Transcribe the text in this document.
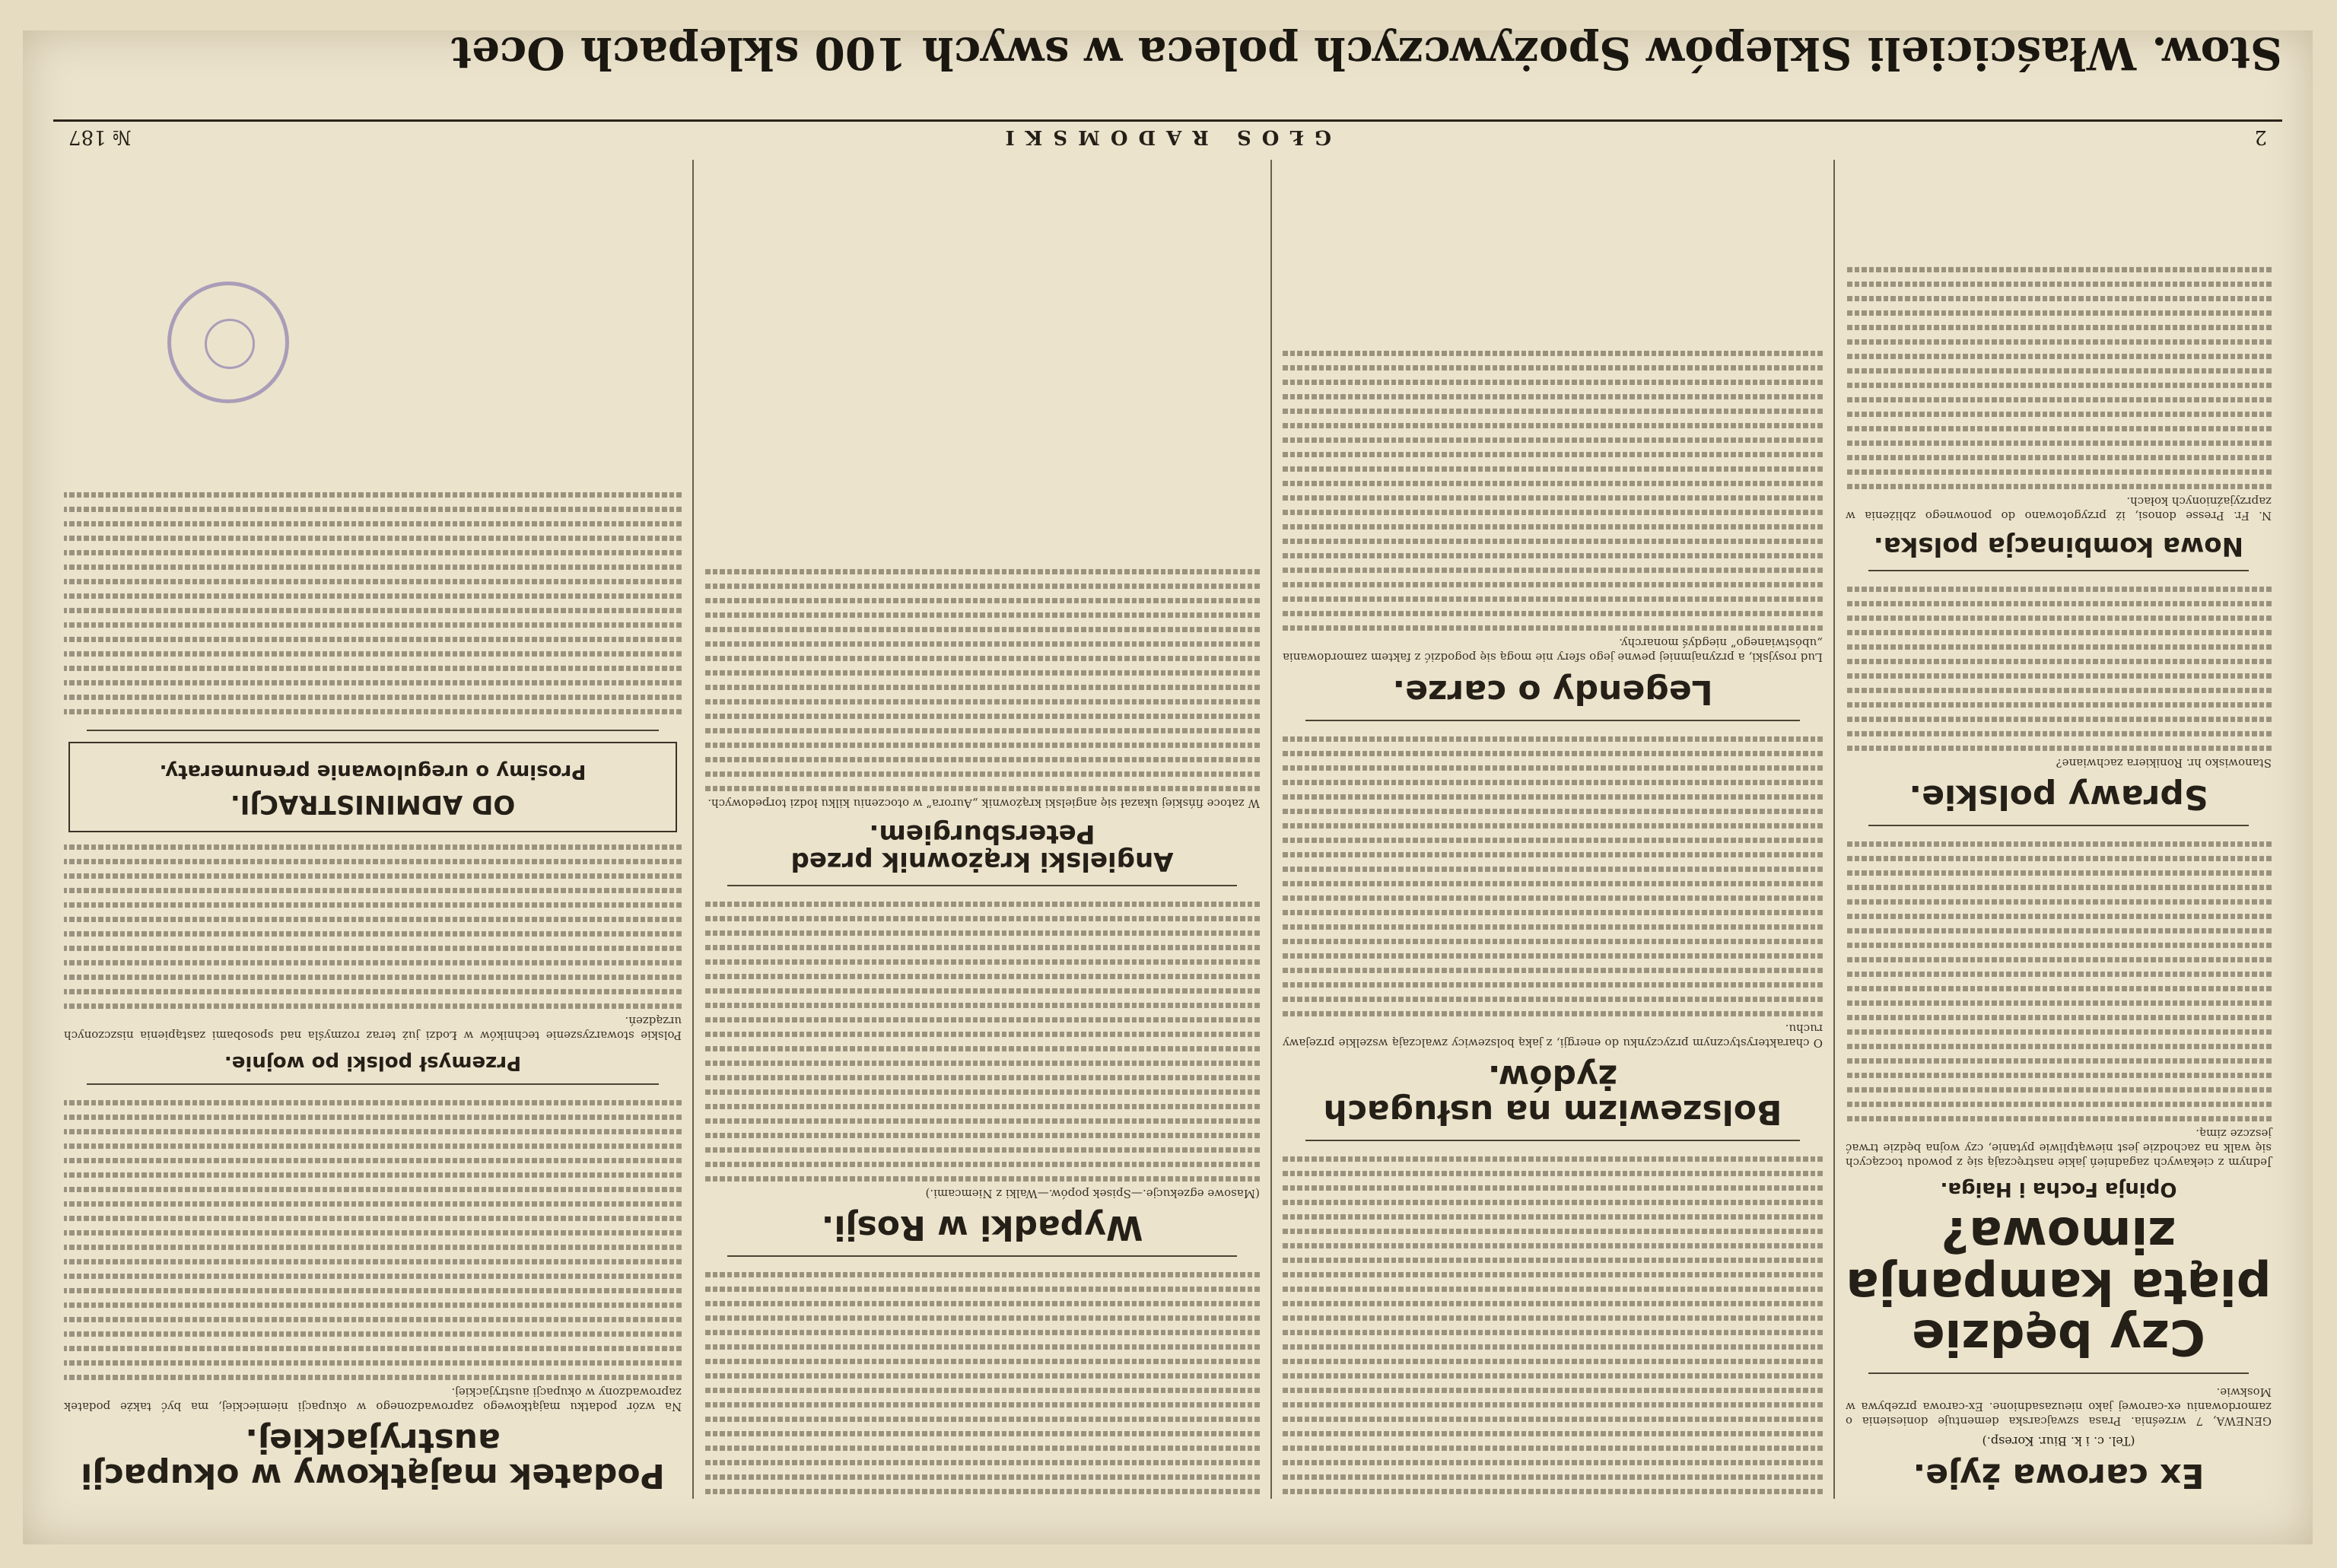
Stow. Właścicieli Sklepów Spożywczych poleca w swych 100 sklepach Ocet
2
GŁOS RADOMSKI
№ 187
Ex carowa żyje.
(Tel. c. i k. Biur. Koresp.)
GENEWA, 7 września. Prasa szwajcarska dementuje doniesienia o zamordowaniu ex-carowej jako nieuzasadnione. Ex-carowa przebywa w Moskwie.
Czy będzie piąta kampanja zimowa?
Opinja Focha i Haiga.
Jednym z ciekawych zagadnień jakie nastręczają się z powodu toczących się walk na zachodzie jest niewątpliwie pytanie, czy wojna będzie trwać jeszcze zimą.
Sprawy polskie.
Stanowisko hr. Ronikiera zachwiane?
Nowa kombinacja polska.
N. Fr. Presse donosi, iż przygotowano do ponownego zbliżenia w zaprzyjaźnionych kołach.
Bolszewizm na usługach żydów.
O charakterystycznym przyczynku do energji, z jaką bolszewicy zwalczają wszelkie przejawy ruchu.
Legendy o carze.
Lud rosyjski, a przynajmniej pewne jego sfery nie mogą się pogodzić z faktem zamordowania „ubóstwianego” niegdyś monarchy.
Wypadki w Rosji.
(Masowe egzekucje.—Spisek popów.—Walki z Niemcami.)
Angielski krążownik przed Petersburgiem.
W zatoce fińskiej ukazał się angielski krążownik „Aurora” w otoczeniu kilku łodzi torpedowych.
Podatek majątkowy w okupacji austryjackiej.
Na wzór podatku majątkowego zaprowadzonego w okupacji niemieckiej, ma być także podatek zaprowadzony w okupacji austryjackiej.
Przemysł polski po wojnie.
Polskie stowarzyszenie techników w Łodzi już teraz rozmyśla nad sposobami zastąpienia niszczonych urządzeń.
OD ADMINISTRACJI.
Prosimy o uregulowanie prenumeraty.
